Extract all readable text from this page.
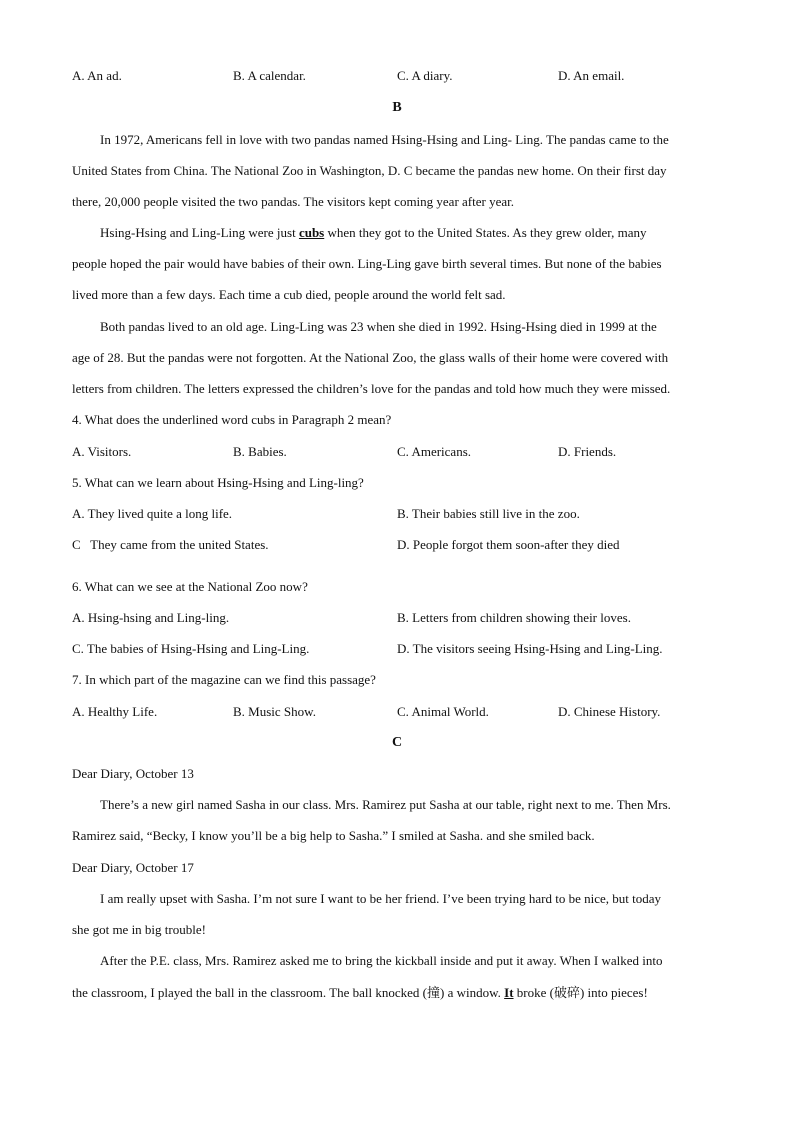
A. An ad.	B. A calendar.	C. A diary.	D. An email.
B
In 1972, Americans fell in love with two pandas named Hsing-Hsing and Ling- Ling. The pandas came to the
United States from China. The National Zoo in Washington, D. C became the pandas new home. On their first day
there, 20,000 people visited the two pandas. The visitors kept coming year after year.
Hsing-Hsing and Ling-Ling were just cubs when they got to the United States. As they grew older, many
people hoped the pair would have babies of their own. Ling-Ling gave birth several times. But none of the babies
lived more than a few days. Each time a cub died, people around the world felt sad.
Both pandas lived to an old age. Ling-Ling was 23 when she died in 1992. Hsing-Hsing died in 1999 at the
age of 28. But the pandas were not forgotten. At the National Zoo, the glass walls of their home were covered with
letters from children. The letters expressed the children’s love for the pandas and told how much they were missed.
4. What does the underlined word cubs in Paragraph 2 mean?
A. Visitors.	B. Babies.	C. Americans.	D. Friends.
5. What can we learn about Hsing-Hsing and Ling-ling?
A. They lived quite a long life.	B. Their babies still live in the zoo.
C   They came from the united States.	D. People forgot them soon-after they died
6. What can we see at the National Zoo now?
A. Hsing-hsing and Ling-ling.	B. Letters from children showing their loves.
C. The babies of Hsing-Hsing and Ling-Ling.	D. The visitors seeing Hsing-Hsing and Ling-Ling.
7. In which part of the magazine can we find this passage?
A. Healthy Life.	B. Music Show.	C. Animal World.	D. Chinese History.
C
Dear Diary, October 13
There’s a new girl named Sasha in our class. Mrs. Ramirez put Sasha at our table, right next to me. Then Mrs.
Ramirez said, “Becky, I know you’ll be a big help to Sasha.” I smiled at Sasha. and she smiled back.
Dear Diary, October 17
I am really upset with Sasha. I’m not sure I want to be her friend. I’ve been trying hard to be nice, but today
she got me in big trouble!
After the P.E. class, Mrs. Ramirez asked me to bring the kickball inside and put it away. When I walked into
the classroom, I played the ball in the classroom. The ball knocked (撞) a window. It broke (破碎) into pieces!
